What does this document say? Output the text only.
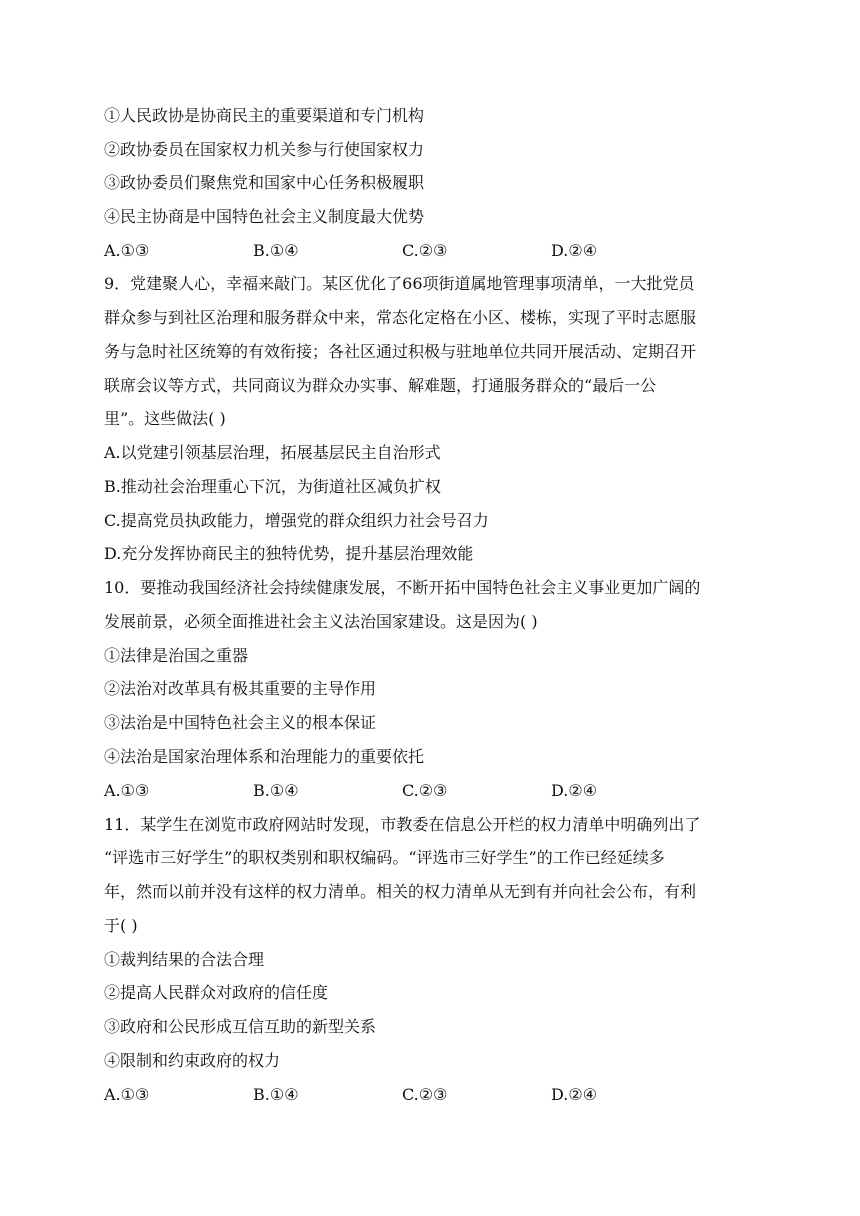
①人民政协是协商民主的重要渠道和专门机构
②政协委员在国家权力机关参与行使国家权力
③政协委员们聚焦党和国家中心任务积极履职
④民主协商是中国特色社会主义制度最大优势
A.①③	B.①④	C.②③	D.②④
9．党建聚人心，幸福来敲门。某区优化了66项街道属地管理事项清单，一大批党员
群众参与到社区治理和服务群众中来，常态化定格在小区、楼栋，实现了平时志愿服
务与急时社区统筹的有效衔接；各社区通过积极与驻地单位共同开展活动、定期召开
联席会议等方式，共同商议为群众办实事、解难题，打通服务群众的“最后一公
里”。这些做法( )
A.以党建引领基层治理，拓展基层民主自治形式
B.推动社会治理重心下沉，为街道社区减负扩权
C.提高党员执政能力，增强党的群众组织力社会号召力
D.充分发挥协商民主的独特优势，提升基层治理效能
10．要推动我国经济社会持续健康发展，不断开拓中国特色社会主义事业更加广阔的
发展前景，必须全面推进社会主义法治国家建设。这是因为( )
①法律是治国之重器
②法治对改革具有极其重要的主导作用
③法治是中国特色社会主义的根本保证
④法治是国家治理体系和治理能力的重要依托
A.①③	B.①④	C.②③	D.②④
11．某学生在浏览市政府网站时发现，市教委在信息公开栏的权力清单中明确列出了
“评选市三好学生”的职权类别和职权编码。“评选市三好学生”的工作已经延续多
年，然而以前并没有这样的权力清单。相关的权力清单从无到有并向社会公布，有利
于( )
①裁判结果的合法合理
②提高人民群众对政府的信任度
③政府和公民形成互信互助的新型关系
④限制和约束政府的权力
A.①③	B.①④	C.②③	D.②④
